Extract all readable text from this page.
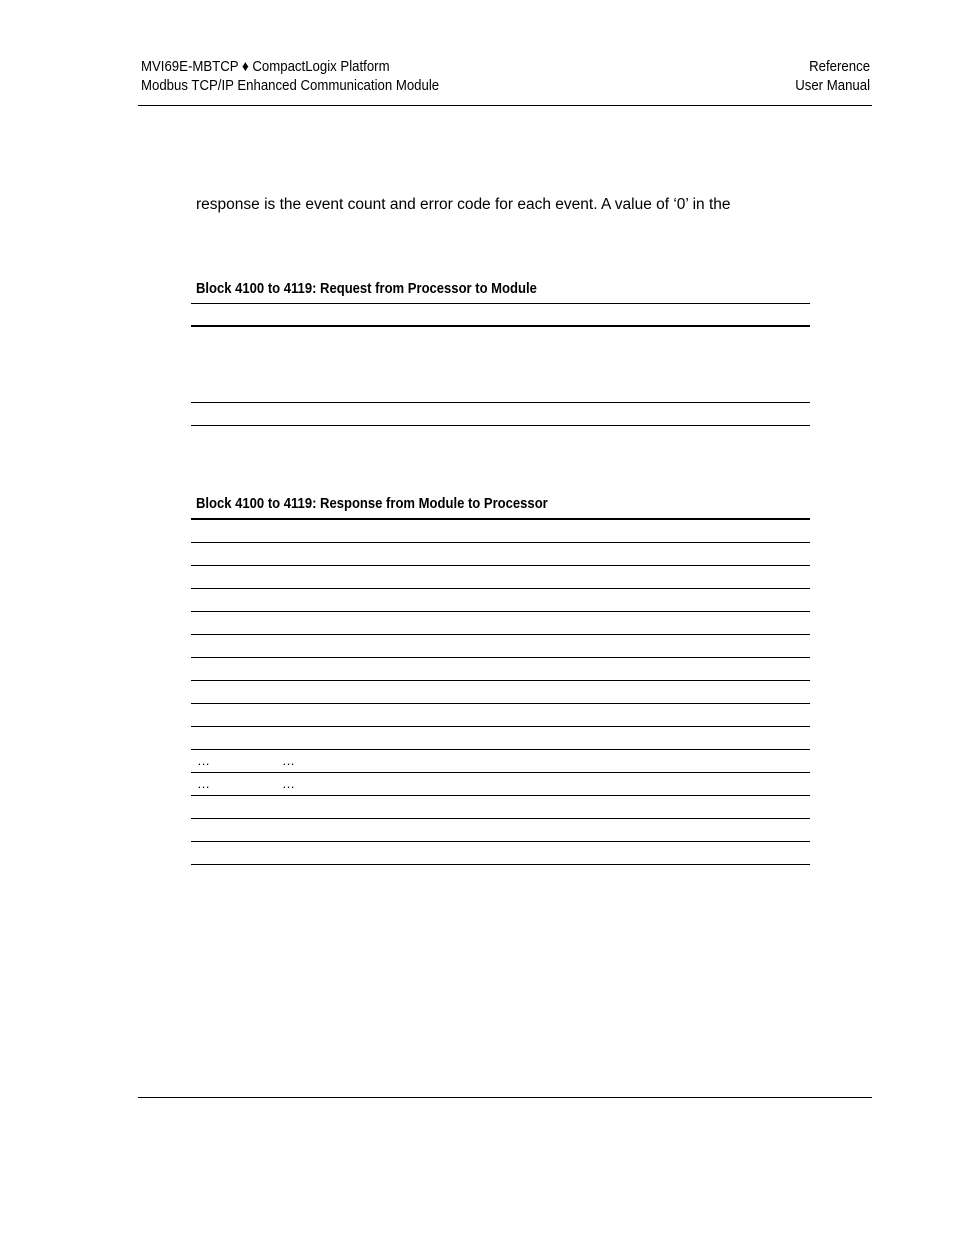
MVI69E-MBTCP ♦ CompactLogix Platform
Modbus TCP/IP Enhanced Communication Module
Reference
User Manual
response is the event count and error code for each event. A value of ‘0’ in the
Block 4100 to 4119: Request from Processor to Module
Block 4100 to 4119: Response from Module to Processor
…	…
…	…
